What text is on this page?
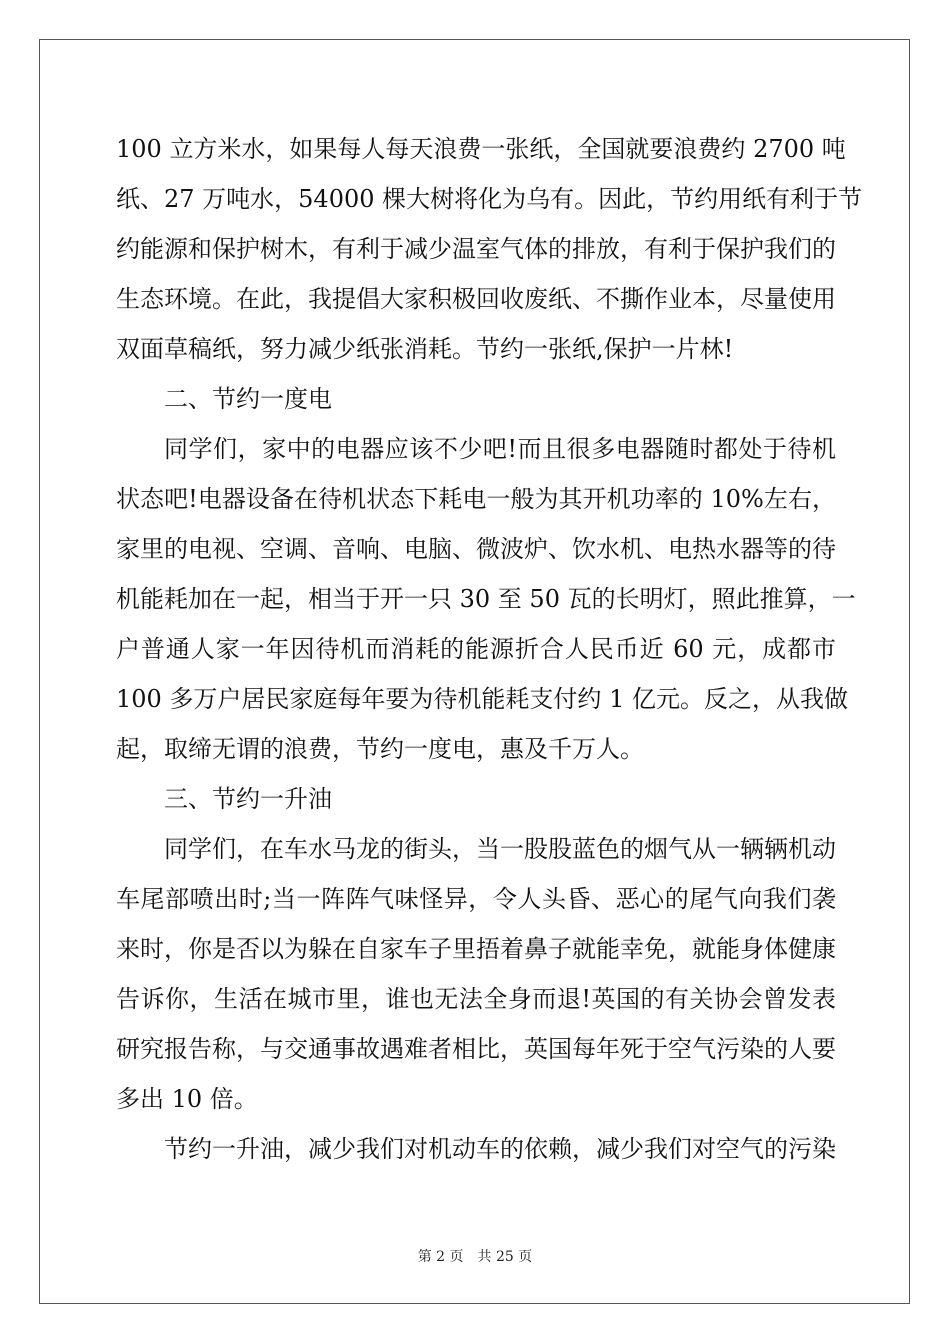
100 立方米水，如果每人每天浪费一张纸，全国就要浪费约 2700 吨
纸、27 万吨水，54000 棵大树将化为乌有。因此，节约用纸有利于节
约能源和保护树木，有利于减少温室气体的排放，有利于保护我们的
生态环境。在此，我提倡大家积极回收废纸、不撕作业本，尽量使用
双面草稿纸，努力减少纸张消耗。节约一张纸,保护一片林!
二、节约一度电
同学们，家中的电器应该不少吧!而且很多电器随时都处于待机
状态吧!电器设备在待机状态下耗电一般为其开机功率的 10%左右，
家里的电视、空调、音响、电脑、微波炉、饮水机、电热水器等的待
机能耗加在一起，相当于开一只 30 至 50 瓦的长明灯，照此推算，一
户普通人家一年因待机而消耗的能源折合人民币近 60 元，成都市
100 多万户居民家庭每年要为待机能耗支付约 1 亿元。反之，从我做
起，取缔无谓的浪费，节约一度电，惠及千万人。
三、节约一升油
同学们，在车水马龙的街头，当一股股蓝色的烟气从一辆辆机动
车尾部喷出时;当一阵阵气味怪异，令人头昏、恶心的尾气向我们袭
来时，你是否以为躲在自家车子里捂着鼻子就能幸免，就能身体健康
告诉你，生活在城市里，谁也无法全身而退!英国的有关协会曾发表
研究报告称，与交通事故遇难者相比，英国每年死于空气污染的人要
多出 10 倍。
节约一升油，减少我们对机动车的依赖，减少我们对空气的污染
第 2 页 共 25 页
